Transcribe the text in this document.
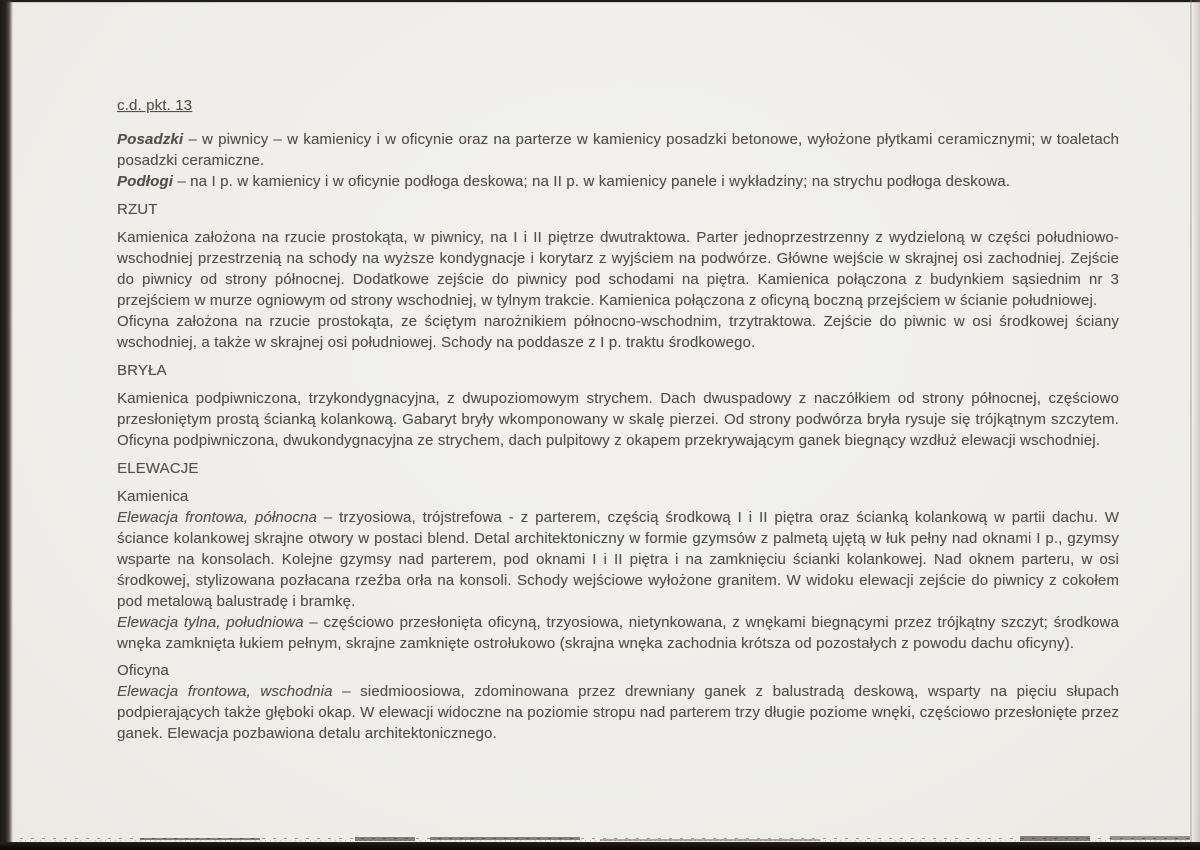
c.d. pkt. 13

Posadzki – w piwnicy – w kamienicy i w oficynie oraz na parterze w kamienicy posadzki betonowe, wyłożone płytkami ceramicznymi; w toaletach posadzki ceramiczne.

Podłogi – na I p. w kamienicy i w oficynie podłoga deskowa; na II p. w kamienicy panele i wykładziny; na strychu podłoga deskowa.

RZUT

Kamienica założona na rzucie prostokąta, w piwnicy, na I i II piętrze dwutraktowa. Parter jednoprzestrzenny z wydzieloną w części południowo-wschodniej przestrzenią na schody na wyższe kondygnacje i korytarz z wyjściem na podwórze. Główne wejście w skrajnej osi zachodniej. Zejście do piwnicy od strony północnej. Dodatkowe zejście do piwnicy pod schodami na piętra. Kamienica połączona z budynkiem sąsiednim nr 3 przejściem w murze ogniowym od strony wschodniej, w tylnym trakcie. Kamienica połączona z oficyną boczną przejściem w ścianie południowej.

Oficyna założona na rzucie prostokąta, ze ściętym narożnikiem północno-wschodnim, trzytraktowa. Zejście do piwnic w osi środkowej ściany wschodniej, a także w skrajnej osi południowej. Schody na poddasze z I p. traktu środkowego.

BRYŁA

Kamienica podpiwniczona, trzykondygnacyjna, z dwupoziomowym strychem. Dach dwuspadowy z naczółkiem od strony północnej, częściowo przesłoniętym prostą ścianką kolankową. Gabaryt bryły wkomponowany w skalę pierzei. Od strony podwórza bryła rysuje się trójkątnym szczytem. Oficyna podpiwniczona, dwukondygnacyjna ze strychem, dach pulpitowy z okapem przekrywającym ganek biegnący wzdłuż elewacji wschodniej.

ELEWACJE

Kamienica

Elewacja frontowa, północna – trzyosiowa, trójstrefowa - z parterem, częścią środkową I i II piętra oraz ścianką kolankową w partii dachu. W ściance kolankowej skrajne otwory w postaci blend. Detal architektoniczny w formie gzymsów z palmetą ujętą w łuk pełny nad oknami I p., gzymsy wsparte na konsolach. Kolejne gzymsy nad parterem, pod oknami I i II piętra i na zamknięciu ścianki kolankowej. Nad oknem parteru, w osi środkowej, stylizowana pozłacana rzeźba orła na konsoli. Schody wejściowe wyłożone granitem. W widoku elewacji zejście do piwnicy z cokołem pod metalową balustradę i bramkę.

Elewacja tylna, południowa – częściowo przesłonięta oficyną, trzyosiowa, nietynkowana, z wnękami biegnącymi przez trójkątny szczyt; środkowa wnęka zamknięta łukiem pełnym, skrajne zamknięte ostrołukowo (skrajna wnęka zachodnia krótsza od pozostałych z powodu dachu oficyny).

Oficyna

Elewacja frontowa, wschodnia – siedmioosiowa, zdominowana przez drewniany ganek z balustradą deskową, wsparty na pięciu słupach podpierających także głęboki okap. W elewacji widoczne na poziomie stropu nad parterem trzy długie poziome wnęki, częściowo przesłonięte przez ganek. Elewacja pozbawiona detalu architektonicznego.
